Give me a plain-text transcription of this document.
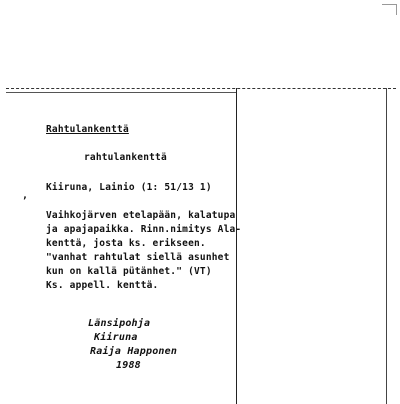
Rahtulankenttä
rahtulankenttä
,
Kiiruna, Lainio (1: 51/13 1)
Vaihkojärven etelapään, kalatupa
ja apajapaikka. Rinn.nimitys Ala-
kenttä, josta ks. erikseen.
"vanhat rahtulat siellä asunhet
kun on kallä pütänhet." (VT)
Ks. appell. kenttä.
Länsipohja
Kiiruna
Raija Happonen
1988
